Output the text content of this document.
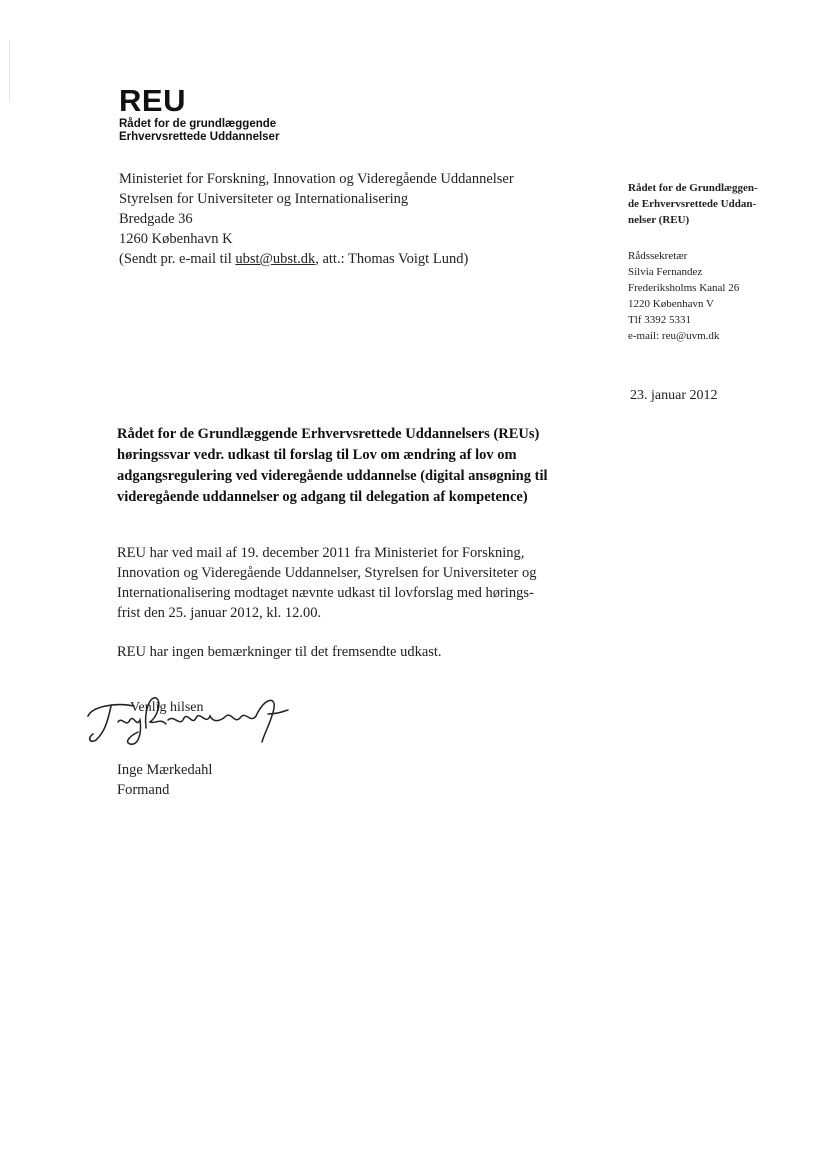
REU
Rådet for de grundlæggende
Erhvervsrettede Uddannelser
Ministeriet for Forskning, Innovation og Videregående Uddannelser
Styrelsen for Universiteter og Internationalisering
Bredgade 36
1260 København K
(Sendt pr. e-mail til ubst@ubst.dk, att.: Thomas Voigt Lund)
Rådet for de Grundlæggen-
de Erhvervsrettede Uddan-
nelser (REU)
Rådssekretær
Silvia Fernandez
Frederiksholms Kanal 26
1220 København V
Tlf 3392 5331
e-mail: reu@uvm.dk
23. januar 2012
Rådet for de Grundlæggende Erhvervsrettede Uddannelsers (REUs) høringssvar vedr. udkast til forslag til Lov om ændring af lov om adgangsregulering ved videregående uddannelse (digital ansøgning til videregående uddannelser og adgang til delegation af kompetence)
REU har ved mail af 19. december 2011 fra Ministeriet for Forskning,
Innovation og Videregående Uddannelser, Styrelsen for Universiteter og
Internationalisering modtaget nævnte udkast til lovforslag med hørings-
frist den 25. januar 2012, kl. 12.00.
REU har ingen bemærkninger til det fremsendte udkast.
Venlig hilsen
Inge Mærkedahl
Formand
